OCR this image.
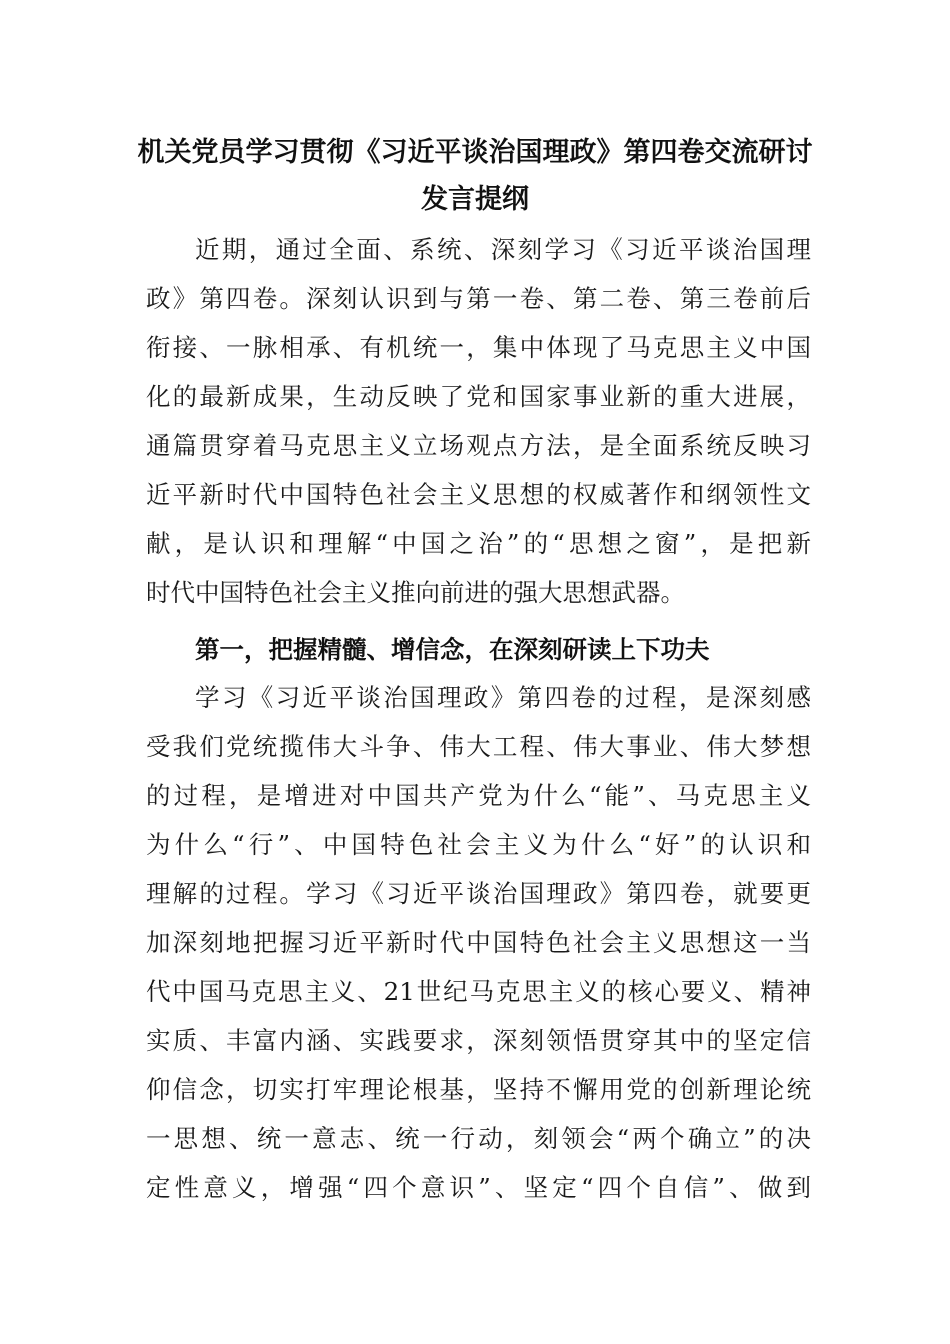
机关党员学习贯彻《习近平谈治国理政》第四卷交流研讨
发言提纲
近期，通过全面、系统、深刻学习《习近平谈治国理
政》第四卷。深刻认识到与第一卷、第二卷、第三卷前后
衔接、一脉相承、有机统一，集中体现了马克思主义中国
化的最新成果，生动反映了党和国家事业新的重大进展，
通篇贯穿着马克思主义立场观点方法，是全面系统反映习
近平新时代中国特色社会主义思想的权威著作和纲领性文
献，是认识和理解“中国之治”的“思想之窗”，是把新
时代中国特色社会主义推向前进的强大思想武器。
第一，把握精髓、增信念，在深刻研读上下功夫
学习《习近平谈治国理政》第四卷的过程，是深刻感
受我们党统揽伟大斗争、伟大工程、伟大事业、伟大梦想
的过程，是增进对中国共产党为什么“能”、马克思主义
为什么“行”、中国特色社会主义为什么“好”的认识和
理解的过程。学习《习近平谈治国理政》第四卷，就要更
加深刻地把握习近平新时代中国特色社会主义思想这一当
代中国马克思主义、21世纪马克思主义的核心要义、精神
实质、丰富内涵、实践要求，深刻领悟贯穿其中的坚定信
仰信念，切实打牢理论根基，坚持不懈用党的创新理论统
一思想、统一意志、统一行动，刻领会“两个确立”的决
定性意义，增强“四个意识”、坚定“四个自信”、做到
